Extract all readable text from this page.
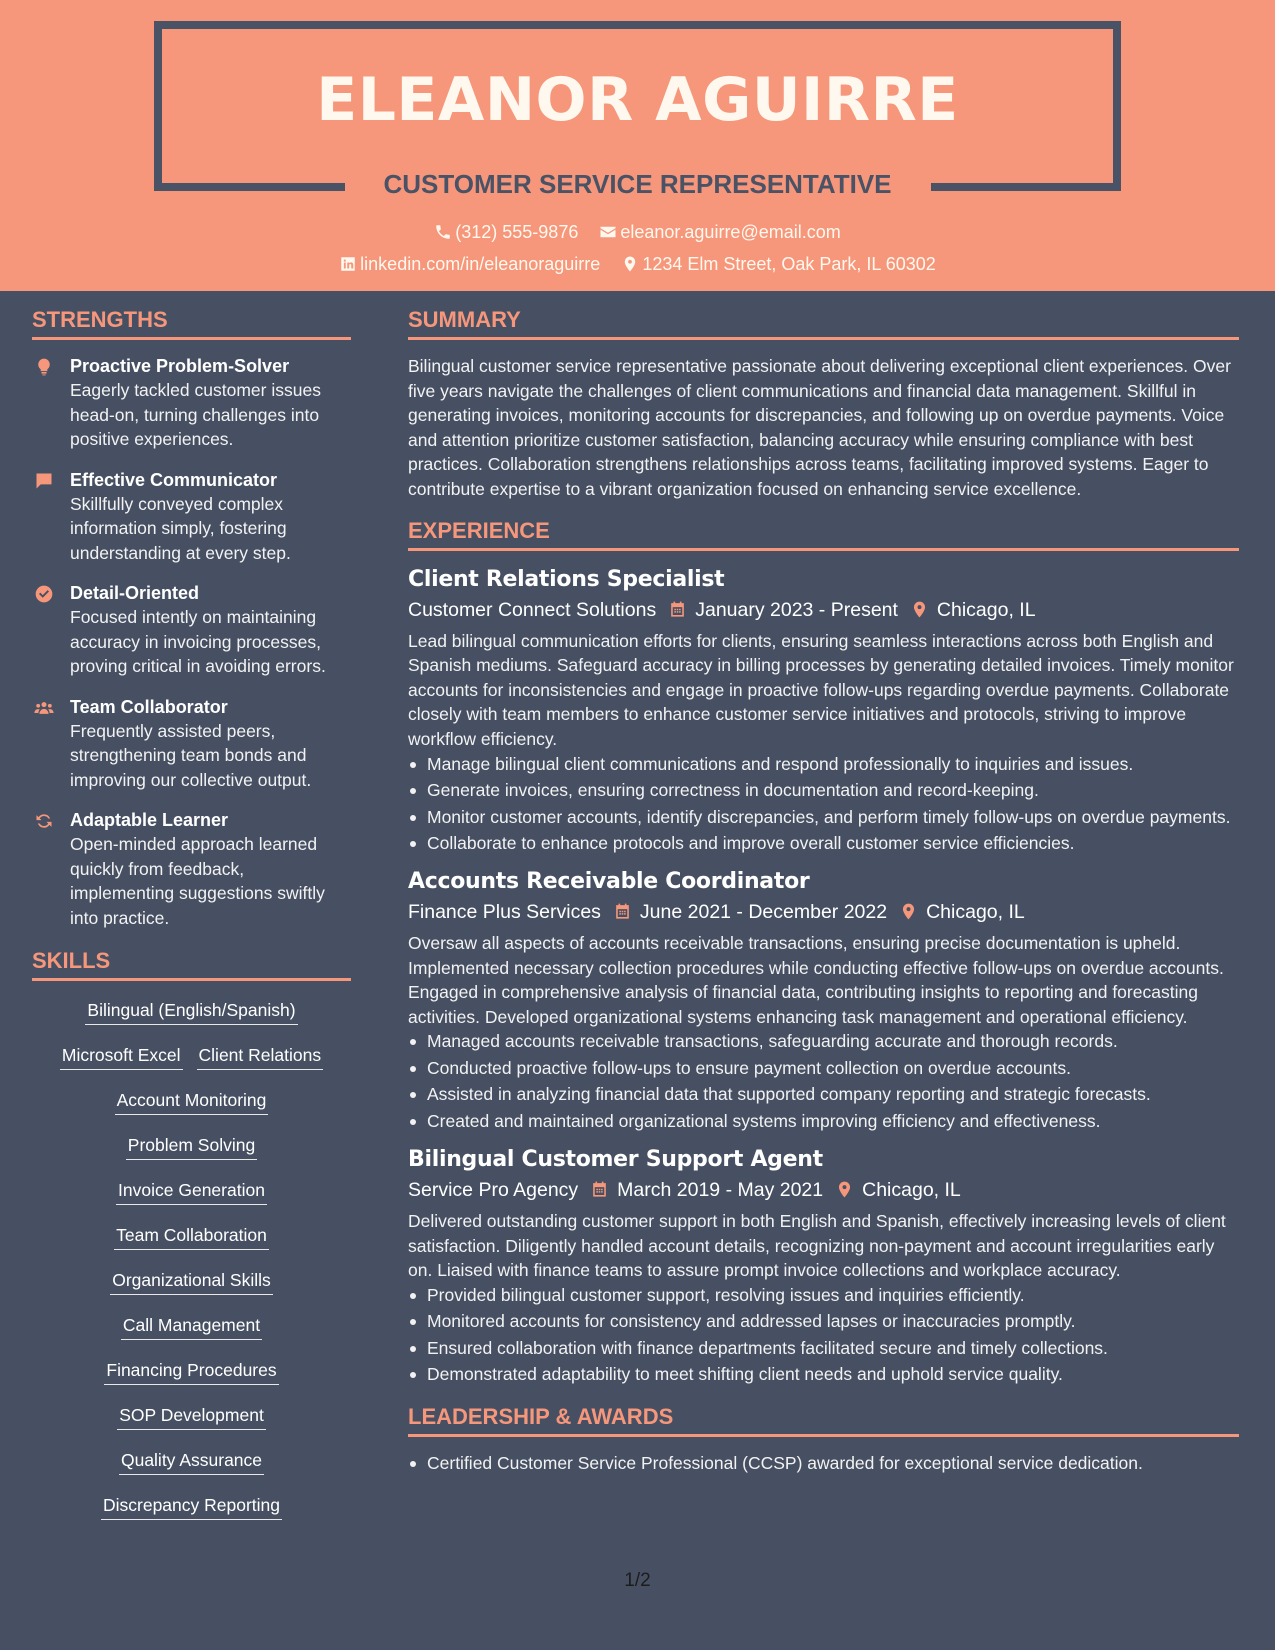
ELEANOR AGUIRRE
CUSTOMER SERVICE REPRESENTATIVE
(312) 555-9876 eleanor.aguirre@email.com
linkedin.com/in/eleanoraguirre 1234 Elm Street, Oak Park, IL 60302
STRENGTHS
Proactive Problem-Solver
Eagerly tackled customer issues head-on, turning challenges into positive experiences.
Effective Communicator
Skillfully conveyed complex information simply, fostering understanding at every step.
Detail-Oriented
Focused intently on maintaining accuracy in invoicing processes, proving critical in avoiding errors.
Team Collaborator
Frequently assisted peers, strengthening team bonds and improving our collective output.
Adaptable Learner
Open-minded approach learned quickly from feedback, implementing suggestions swiftly into practice.
SKILLS
Bilingual (English/Spanish)
Microsoft Excel Client Relations
Account Monitoring
Problem Solving
Invoice Generation
Team Collaboration
Organizational Skills
Call Management
Financing Procedures
SOP Development
Quality Assurance
Discrepancy Reporting
SUMMARY
Bilingual customer service representative passionate about delivering exceptional client experiences. Over five years navigate the challenges of client communications and financial data management. Skillful in generating invoices, monitoring accounts for discrepancies, and following up on overdue payments. Voice and attention prioritize customer satisfaction, balancing accuracy while ensuring compliance with best practices. Collaboration strengthens relationships across teams, facilitating improved systems. Eager to contribute expertise to a vibrant organization focused on enhancing service excellence.
EXPERIENCE
Client Relations Specialist
Customer Connect Solutions January 2023 - Present Chicago, IL
Lead bilingual communication efforts for clients, ensuring seamless interactions across both English and Spanish mediums. Safeguard accuracy in billing processes by generating detailed invoices. Timely monitor accounts for inconsistencies and engage in proactive follow-ups regarding overdue payments. Collaborate closely with team members to enhance customer service initiatives and protocols, striving to improve workflow efficiency.
Manage bilingual client communications and respond professionally to inquiries and issues.
Generate invoices, ensuring correctness in documentation and record-keeping.
Monitor customer accounts, identify discrepancies, and perform timely follow-ups on overdue payments.
Collaborate to enhance protocols and improve overall customer service efficiencies.
Accounts Receivable Coordinator
Finance Plus Services June 2021 - December 2022 Chicago, IL
Oversaw all aspects of accounts receivable transactions, ensuring precise documentation is upheld. Implemented necessary collection procedures while conducting effective follow-ups on overdue accounts. Engaged in comprehensive analysis of financial data, contributing insights to reporting and forecasting activities. Developed organizational systems enhancing task management and operational efficiency.
Managed accounts receivable transactions, safeguarding accurate and thorough records.
Conducted proactive follow-ups to ensure payment collection on overdue accounts.
Assisted in analyzing financial data that supported company reporting and strategic forecasts.
Created and maintained organizational systems improving efficiency and effectiveness.
Bilingual Customer Support Agent
Service Pro Agency March 2019 - May 2021 Chicago, IL
Delivered outstanding customer support in both English and Spanish, effectively increasing levels of client satisfaction. Diligently handled account details, recognizing non-payment and account irregularities early on. Liaised with finance teams to assure prompt invoice collections and workplace accuracy.
Provided bilingual customer support, resolving issues and inquiries efficiently.
Monitored accounts for consistency and addressed lapses or inaccuracies promptly.
Ensured collaboration with finance departments facilitated secure and timely collections.
Demonstrated adaptability to meet shifting client needs and uphold service quality.
LEADERSHIP & AWARDS
Certified Customer Service Professional (CCSP) awarded for exceptional service dedication.
1/2
